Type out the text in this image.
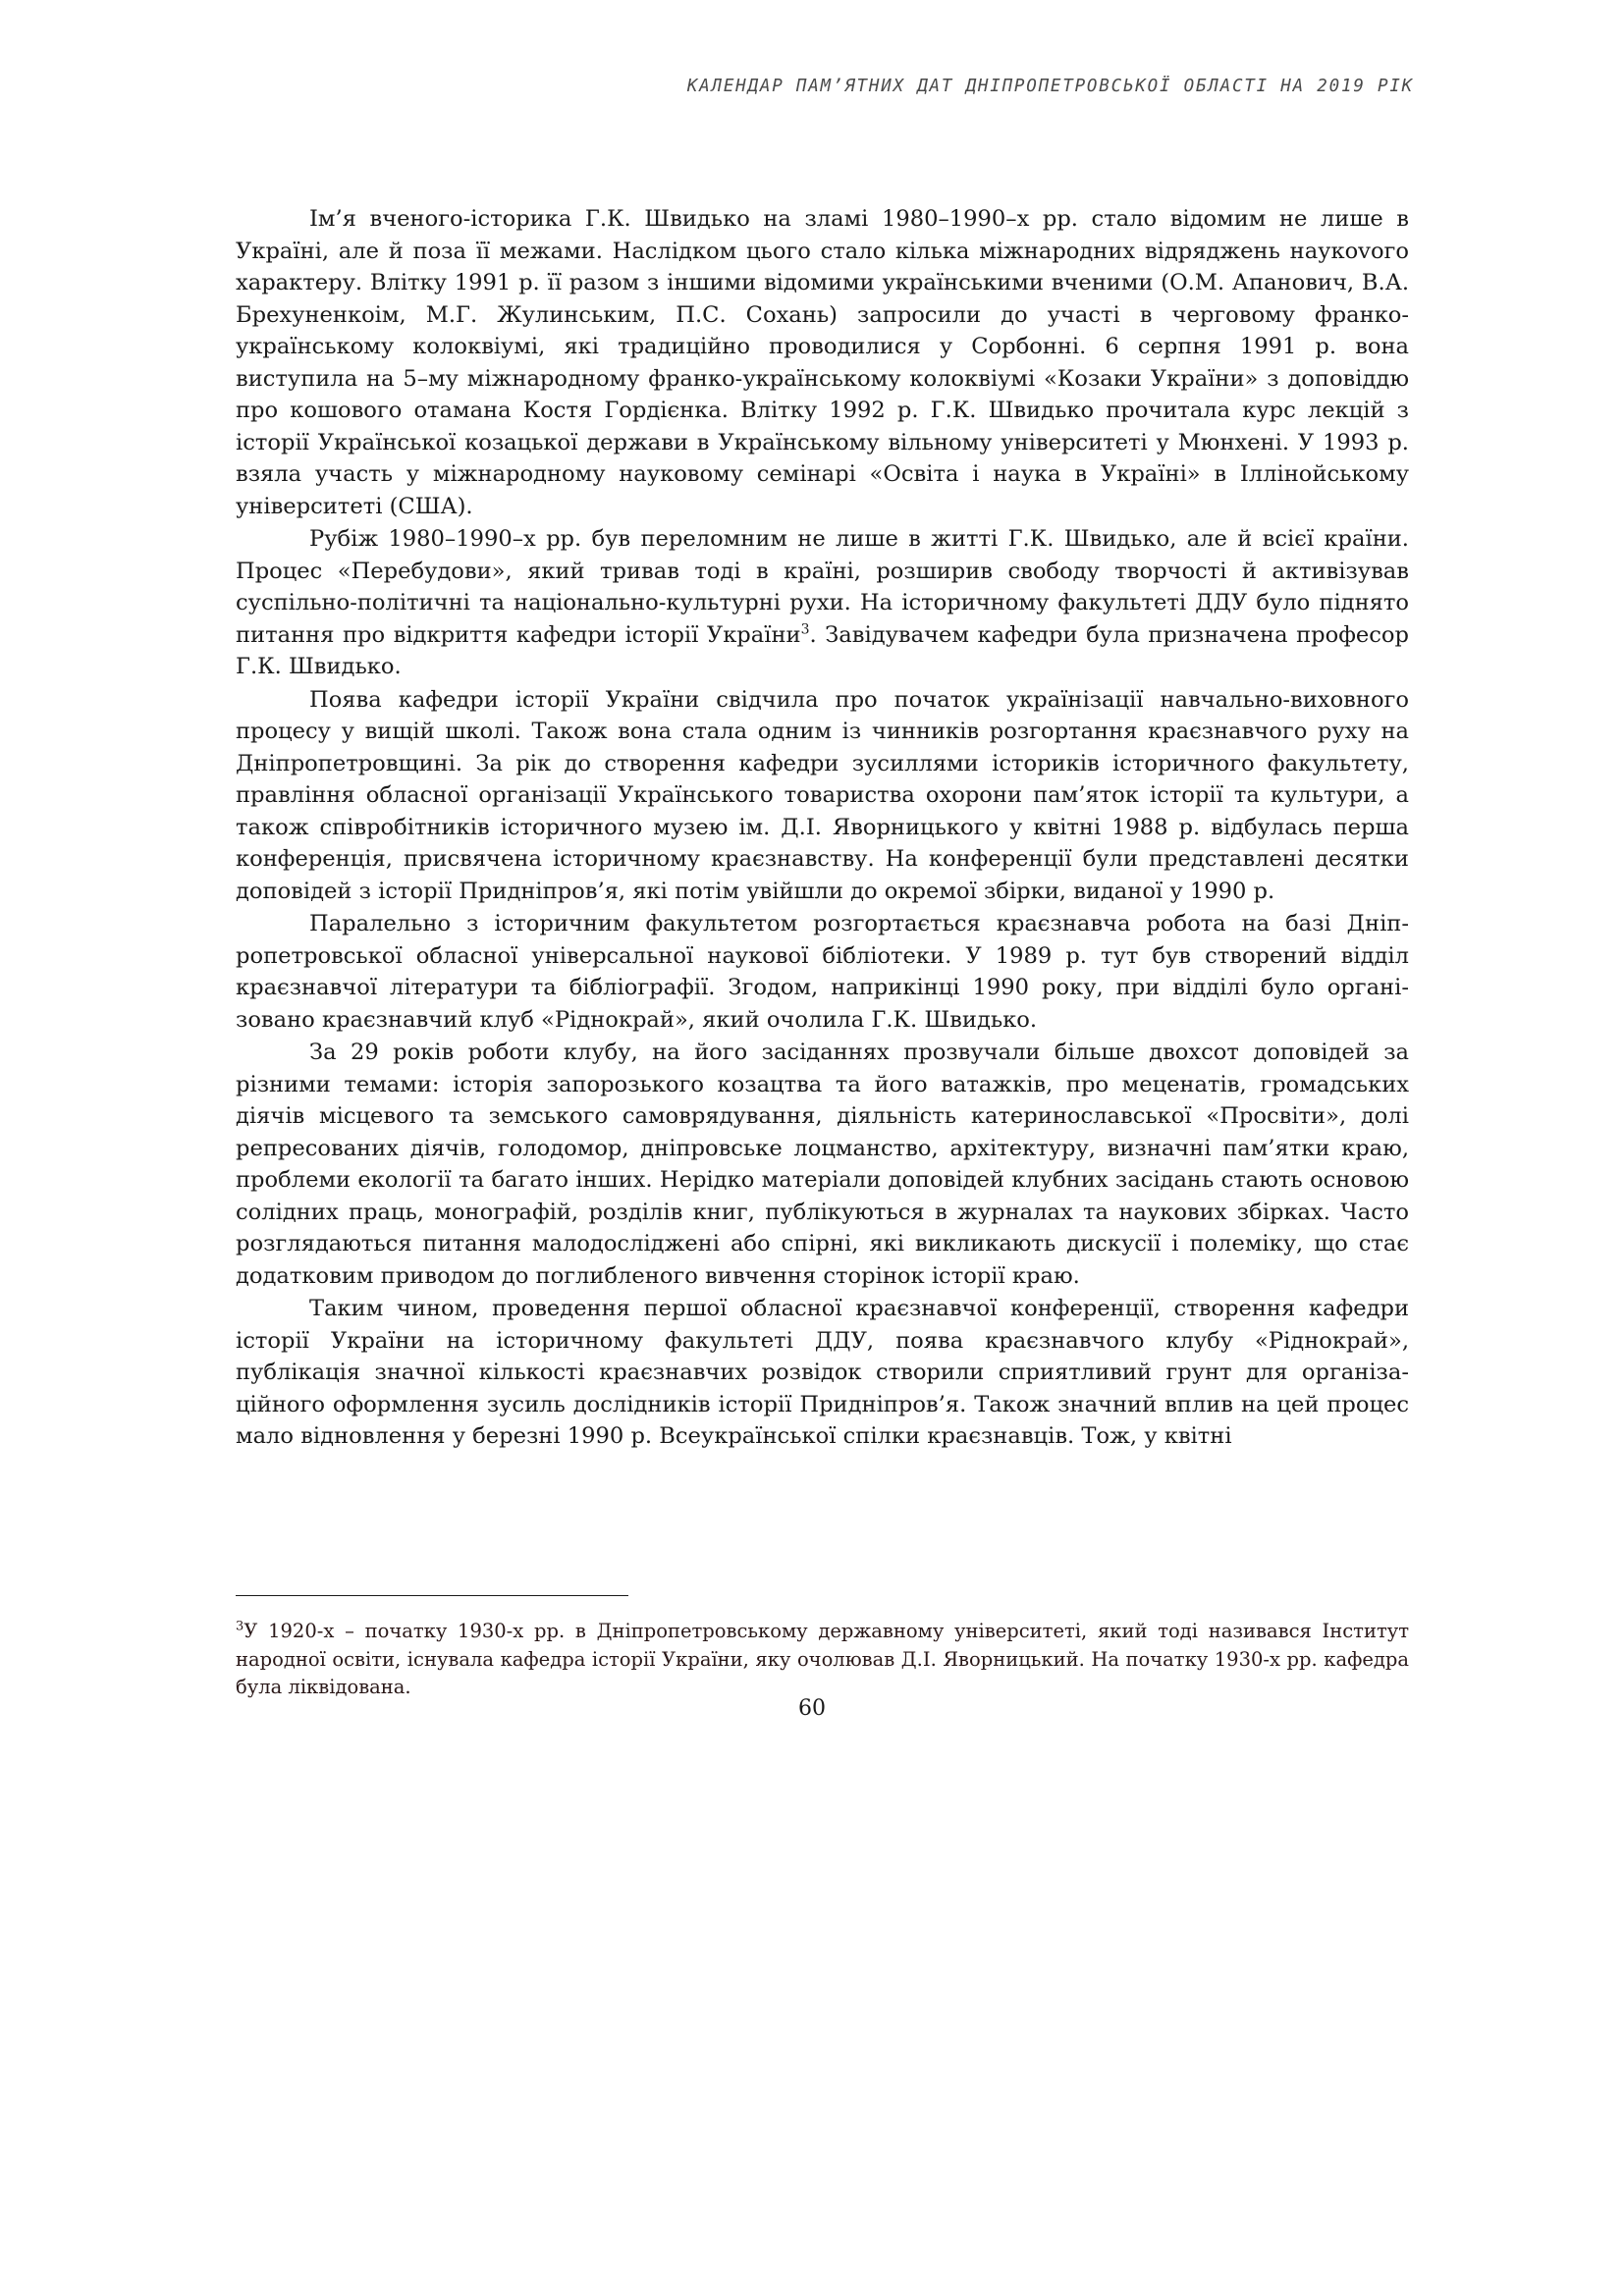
КАЛЕНДАР ПАМ’ЯТНИХ ДАТ ДНІПРОПЕТРОВСЬКОЇ ОБЛАСТІ НА 2019 РІК

Ім’я вченого-історика Г.К. Швидько на зламі 1980–1990–х рр. стало відомим не лише в Україні, але й поза її межами. Наслідком цього стало кілька міжнародних відряджень наукоvого характеру. Влітку 1991 р. її разом з іншими відомими українськими вченими (О.М. Апанович, В.А. Брехуненкоім, М.Г. Жулинським, П.С. Сохань) запросили до участі в черговому франко-українському колоквіумі, які традиційно проводилися у Сорбонні. 6 серпня 1991 р. вона виступила на 5–му міжнародному франко-українському колоквіумі «Козаки України» з доповіддю про кошового отамана Костя Гордієнка. Влітку 1992 р. Г.К. Швидько прочитала курс лекцій з історії Української козацької держави в Українському вільному університеті у Мюнхені. У 1993 р. взяла участь у міжнародному науковому семінарі «Освіта і наука в Україні» в Іллінойському університеті (США).

Рубіж 1980–1990–х рр. був переломним не лише в житті Г.К. Швидько, але й всієї країни. Процес «Перебудови», який тривав тоді в країні, розширив свободу творчості й активізував суспільно-політичні та національно-культурні рухи. На історичному факультеті ДДУ було піднято питання про відкриття кафедри історії України$^3$. Завідувачем кафедри була призначена професор Г.К. Швидько.

Поява кафедри історії України свідчила про початок українізації навчально-виховного процесу у вищій школі. Також вона стала одним із чинників розгортання краєзнавчого руху на Дніпропетровщині. За рік до створення кафедри зусиллями істориків історичного факультету, правління обласної організації Українського товариства охорони пам’яток історії та культури, а також співробітників історичного музею ім. Д.І. Яворницького у квітні 1988 р. відбулась перша конференція, присвячена історичному краєзнавству. На конференції були представлені десятки доповідей з історії Придніпров’я, які потім увійшли до окремої збірки, виданої у 1990 р.

Паралельно з історичним факультетом розгортається краєзнавча робота на базі Дніпропетровської обласної універсальної наукової бібліотеки. У 1989 р. тут був створений відділ краєзнавчої літератури та бібліографії. Згодом, наприкінці 1990 року, при відділі було організовано краєзнавчий клуб «Ріднокрай», який очолила Г.К. Швидько.

За 29 років роботи клубу, на його засіданнях прозвучали більше двохсот доповідей за різними темами: історія запорозького козацтва та його ватажків, про меценатів, громадських діячів місцевого та земського самоврядування, діяльність катеринославської «Просвіти», долі репресованих діячів, голодомор, дніпровське лоцманство, архітектуру, визначні пам’ятки краю, проблеми екології та багато інших. Нерідко матеріали доповідей клубних засідань стають основою солідних праць, монографій, розділів книг, публікуються в журналах та наукових збірках. Часто розглядаються питання малодосліджені або спірні, які викликають дискусії і полеміку, що стає додатковим приводом до поглибленого вивчення сторінок історії краю.

Таким чином, проведення першої обласної краєзнавчої конференції, створення кафедри історії України на історичному факультеті ДДУ, поява краєзнавчого клубу «Ріднокрай», публікація значної кількості краєзнавчих розвідок створили сприятливий грунт для організаційного оформлення зусиль дослідників історії Придніпров’я. Також значний вплив на цей процес мало відновлення у березні 1990 р. Всеукраїнської спілки краєзнавців. Тож, у квітні

$^3$У 1920-х – початку 1930-х рр. в Дніпропетровському державному університеті, який тоді називався Інститут народної освіти, існувала кафедра історії України, яку очолював Д.І. Яворницький. На початку 1930-х рр. кафедра була ліквідована.

60
